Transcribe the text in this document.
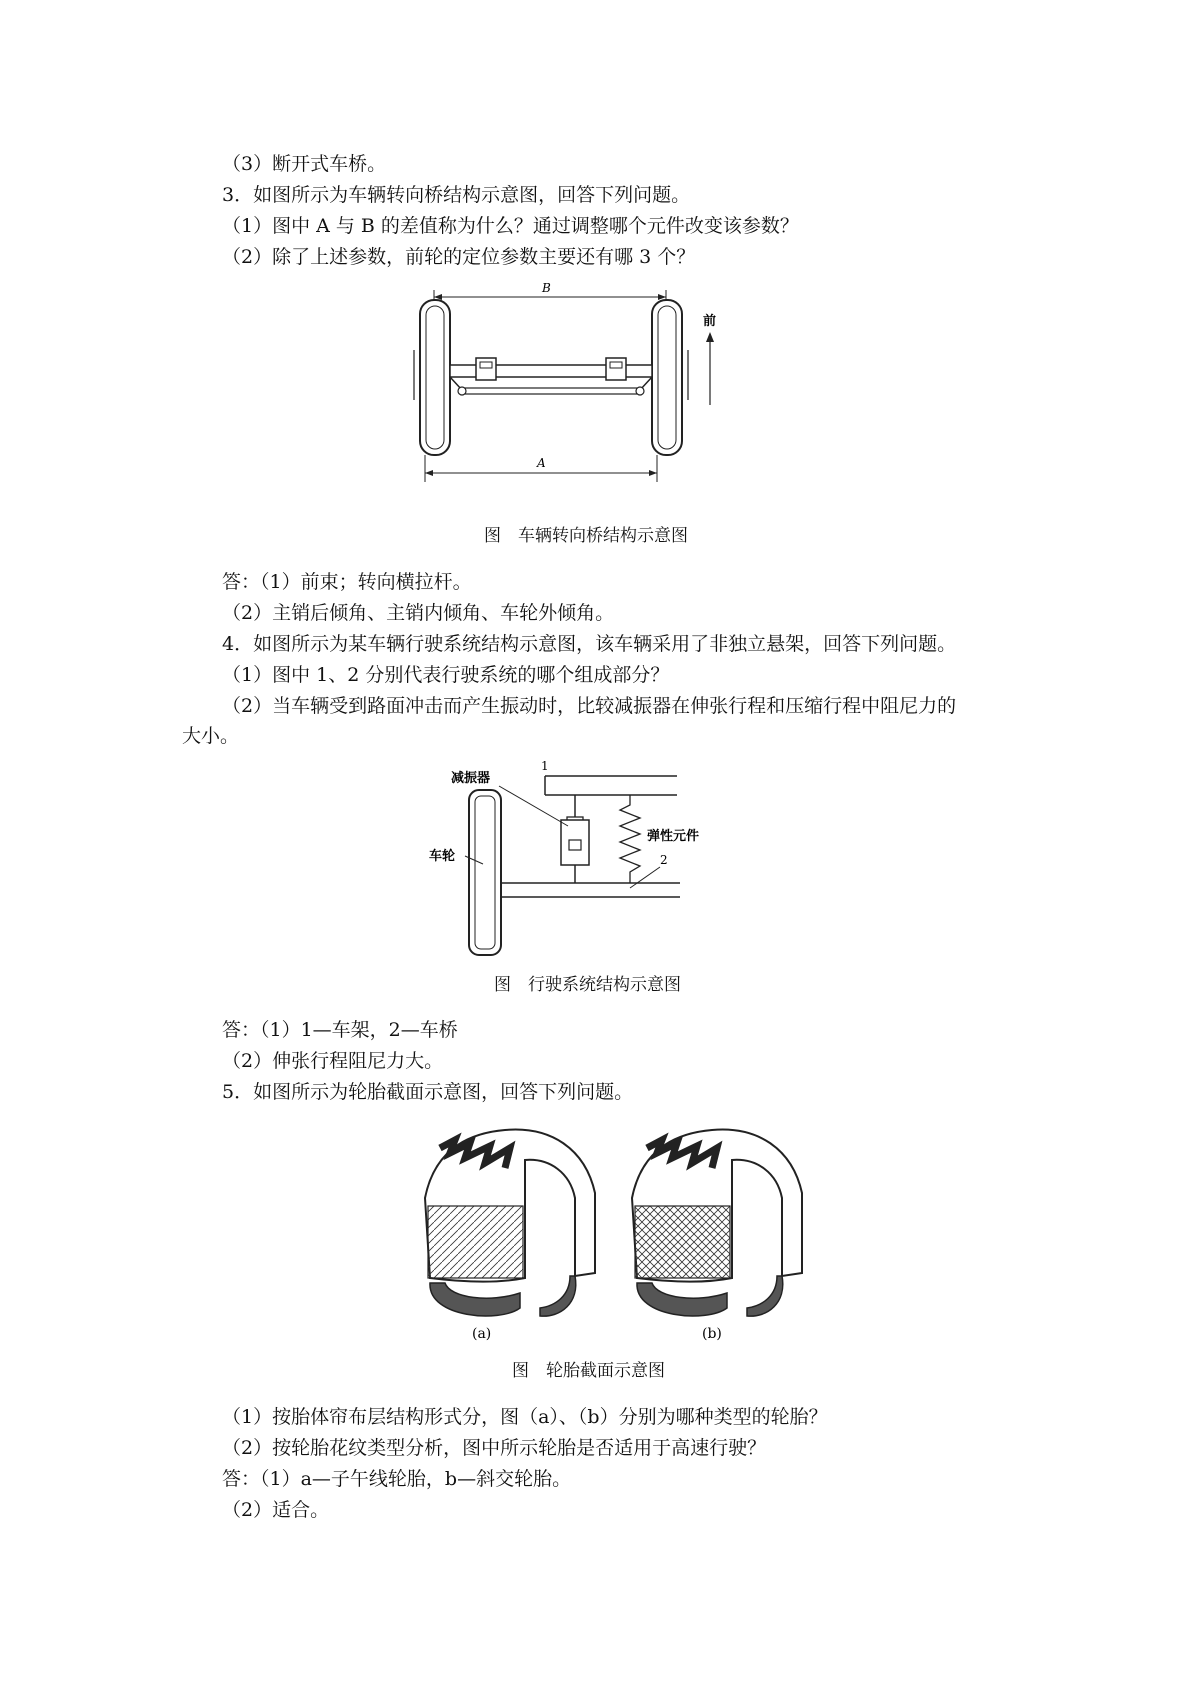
（3）断开式车桥。
3．如图所示为车辆转向桥结构示意图，回答下列问题。
（1）图中 A 与 B 的差值称为什么？通过调整哪个元件改变该参数？
（2）除了上述参数，前轮的定位参数主要还有哪 3 个？
B
前
A
图　车辆转向桥结构示意图
答：（1）前束；转向横拉杆。
（2）主销后倾角、主销内倾角、车轮外倾角。
4．如图所示为某车辆行驶系统结构示意图，该车辆采用了非独立悬架，回答下列问题。
（1）图中 1、2 分别代表行驶系统的哪个组成部分？
（2）当车辆受到路面冲击而产生振动时，比较减振器在伸张行程和压缩行程中阻尼力的
大小。
1
弹性元件
减振器
2
车轮
图　行驶系统结构示意图
答：（1）1—车架，2—车桥
（2）伸张行程阻尼力大。
5．如图所示为轮胎截面示意图，回答下列问题。
(a)	(b)
图　轮胎截面示意图
（1）按胎体帘布层结构形式分，图（a）、（b）分别为哪种类型的轮胎？
（2）按轮胎花纹类型分析，图中所示轮胎是否适用于高速行驶？
答：（1）a—子午线轮胎，b—斜交轮胎。
（2）适合。
